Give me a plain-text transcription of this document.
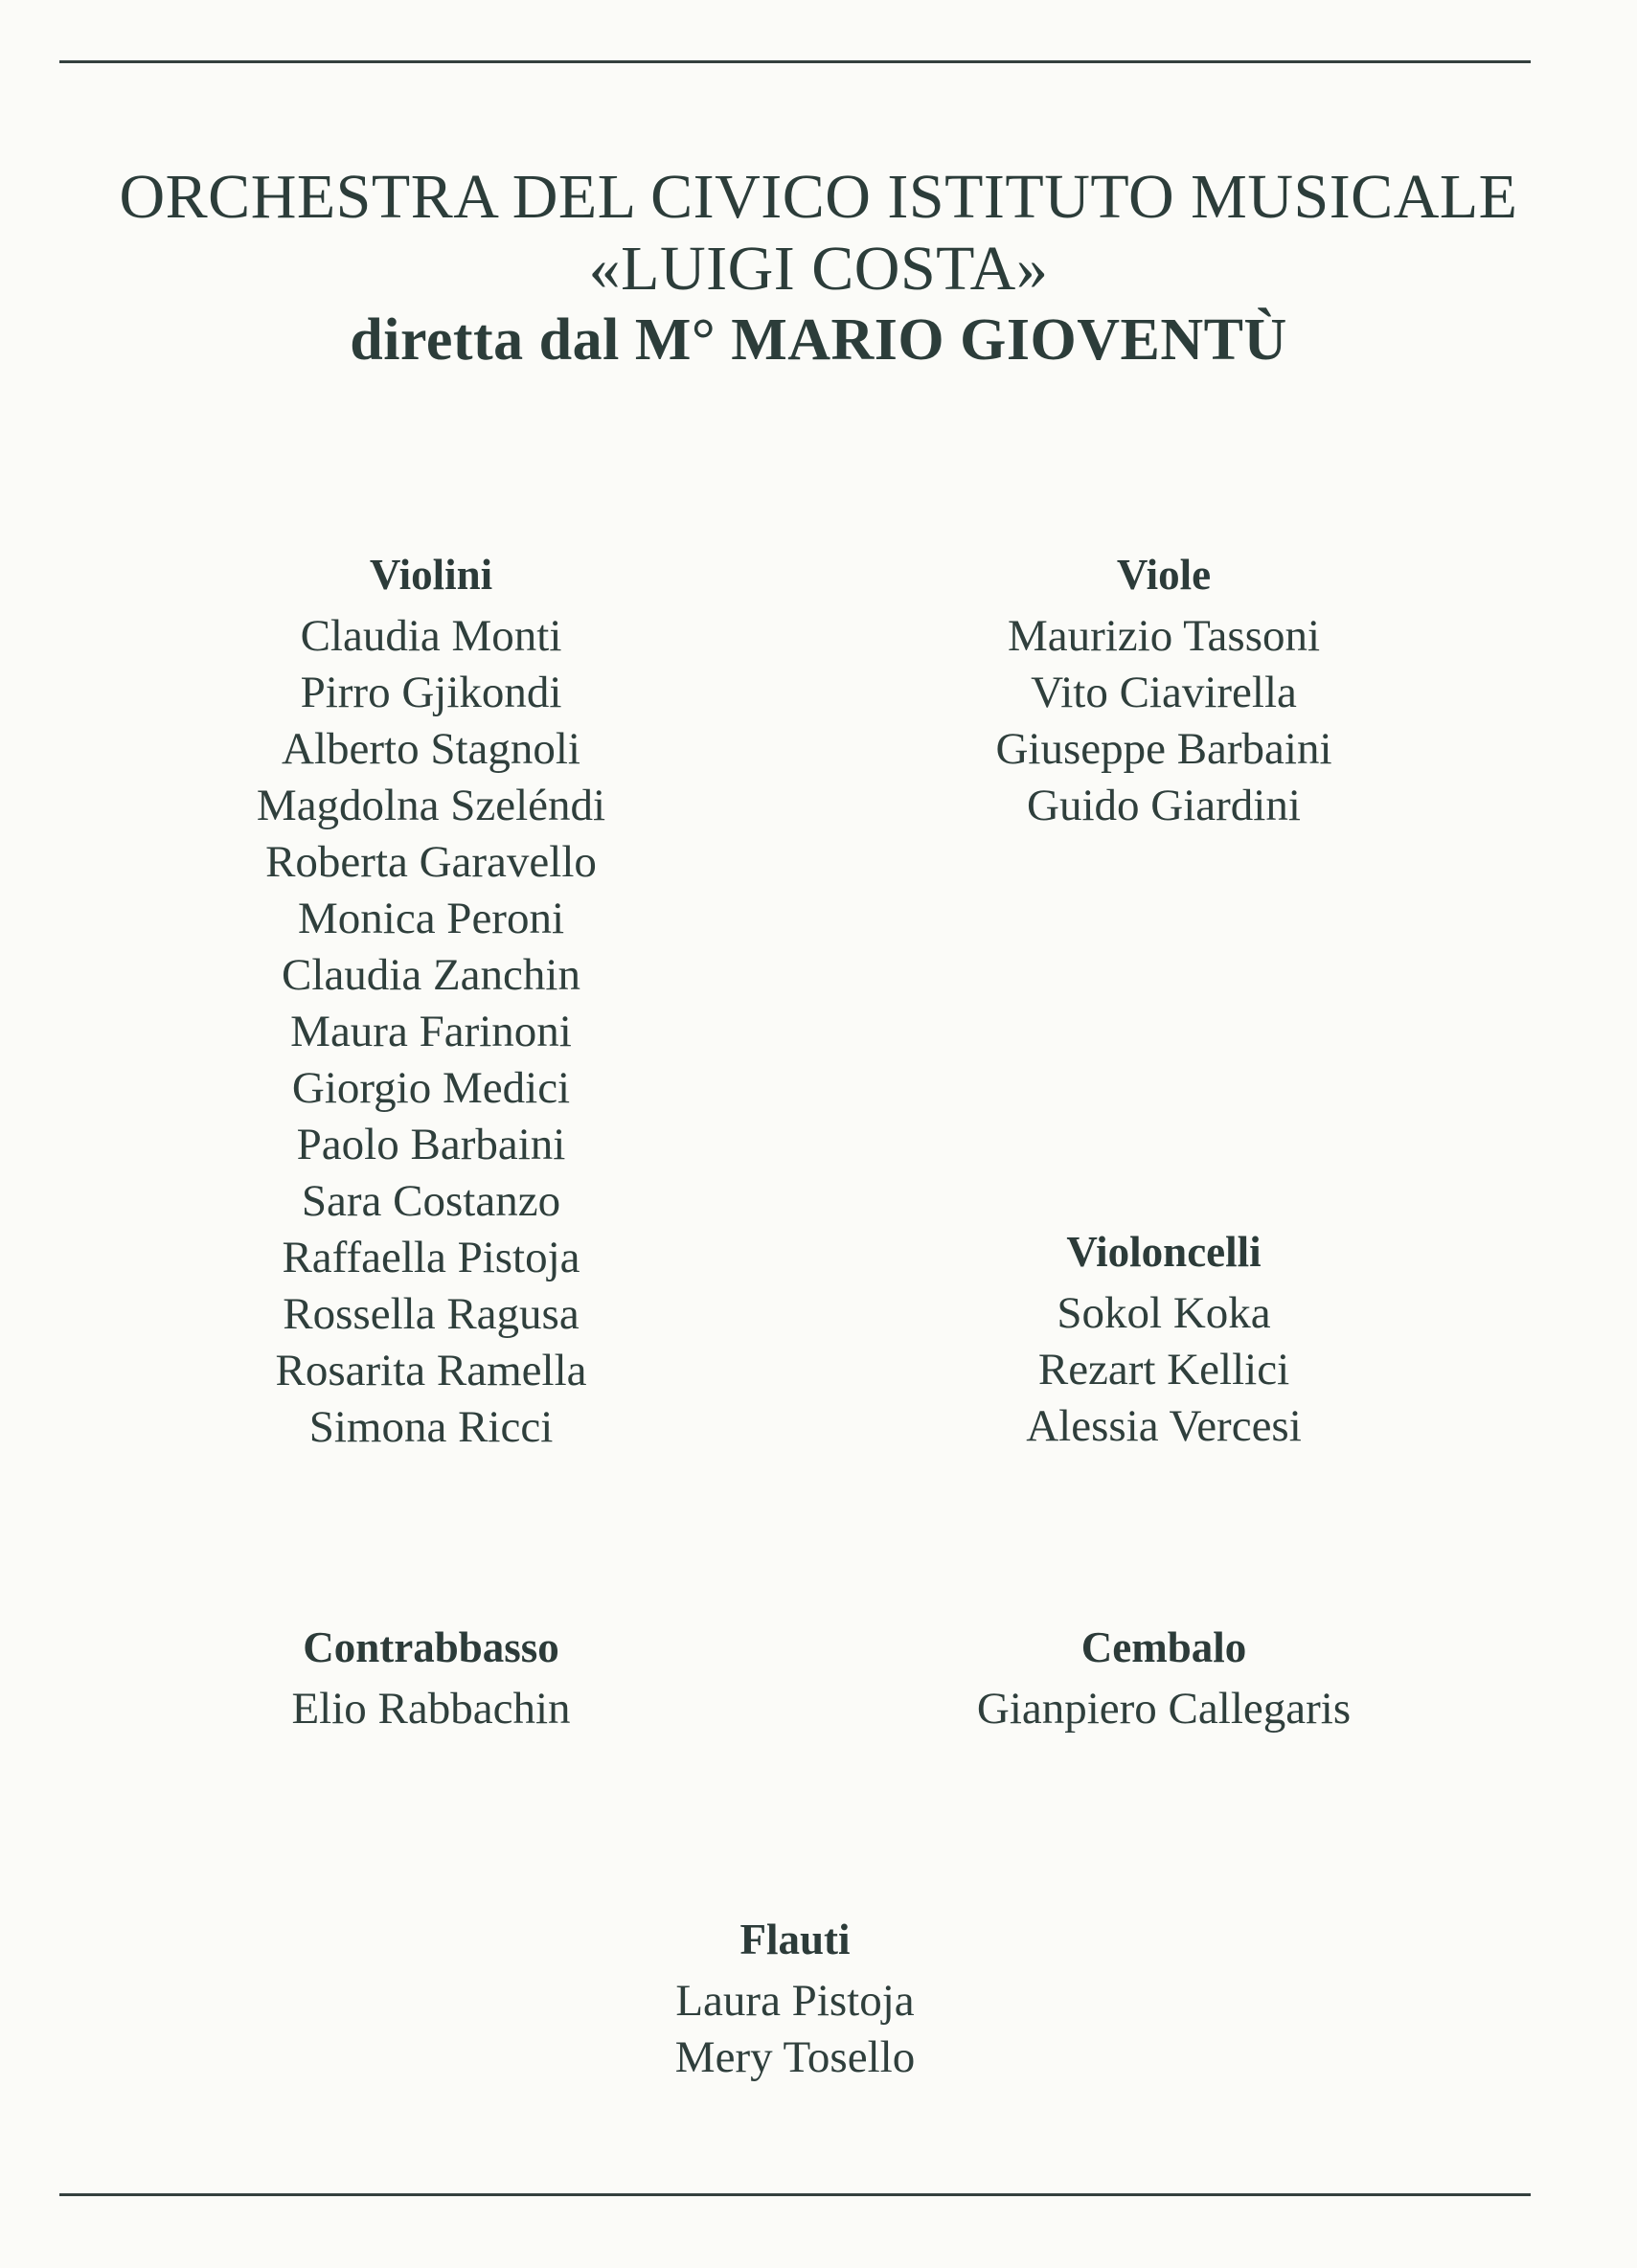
ORCHESTRA DEL CIVICO ISTITUTO MUSICALE
«LUIGI COSTA»
diretta dal M° MARIO GIOVENTÙ
Violini
Claudia Monti
Pirro Gjikondi
Alberto Stagnoli
Magdolna Szeléndi
Roberta Garavello
Monica Peroni
Claudia Zanchin
Maura Farinoni
Giorgio Medici
Paolo Barbaini
Sara Costanzo
Raffaella Pistoja
Rossella Ragusa
Rosarita Ramella
Simona Ricci
Viole
Maurizio Tassoni
Vito Ciavirella
Giuseppe Barbaini
Guido Giardini
Violoncelli
Sokol Koka
Rezart Kellici
Alessia Vercesi
Contrabbasso
Elio Rabbachin
Cembalo
Gianpiero Callegaris
Flauti
Laura Pistoja
Mery Tosello
